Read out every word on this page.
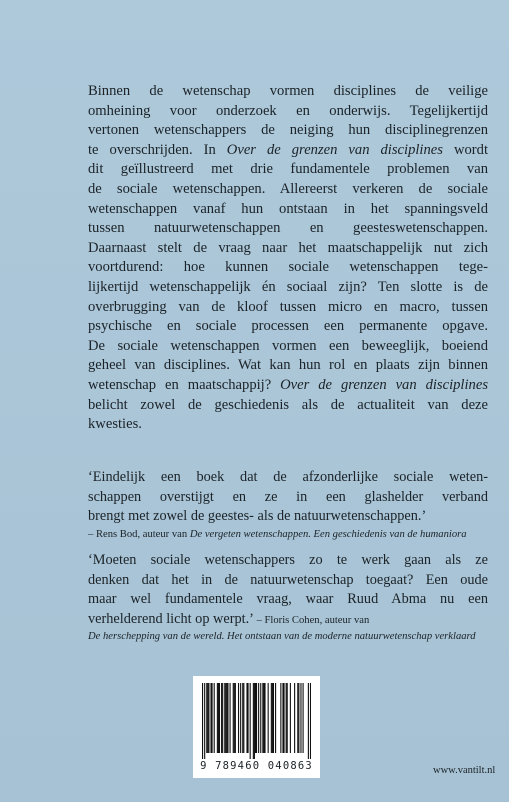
Binnen de wetenschap vormen disciplines de veilige
omheining voor onderzoek en onderwijs. Tegelijkertijd
vertonen wetenschappers de neiging hun disciplinegrenzen
te overschrijden. In Over de grenzen van disciplines wordt
dit geïllustreerd met drie fundamentele problemen van
de sociale wetenschappen. Allereerst verkeren de sociale
wetenschappen vanaf hun ontstaan in het spanningsveld
tussen natuurwetenschappen en geesteswetenschappen.
Daarnaast stelt de vraag naar het maatschappelijk nut zich
voortdurend: hoe kunnen sociale wetenschappen tege-
lijkertijd wetenschappelijk én sociaal zijn? Ten slotte is de
overbrugging van de kloof tussen micro en macro, tussen
psychische en sociale processen een permanente opgave.
De sociale wetenschappen vormen een beweeglijk, boeiend
geheel van disciplines. Wat kan hun rol en plaats zijn binnen
wetenschap en maatschappij? Over de grenzen van disciplines
belicht zowel de geschiedenis als de actualiteit van deze
kwesties.
‘Eindelijk een boek dat de afzonderlijke sociale weten-
schappen overstijgt en ze in een glashelder verband
brengt met zowel de geestes- als de natuurwetenschappen.’
– Rens Bod, auteur van De vergeten wetenschappen. Een geschiedenis van de humaniora
‘Moeten sociale wetenschappers zo te werk gaan als ze
denken dat het in de natuurwetenschap toegaat? Een oude
maar wel fundamentele vraag, waar Ruud Abma nu een
verhelderend licht op werpt.’ – Floris Cohen, auteur van
De herschepping van de wereld. Het ontstaan van de moderne natuurwetenschap verklaard
9 789460 040863	www.vantilt.nl
